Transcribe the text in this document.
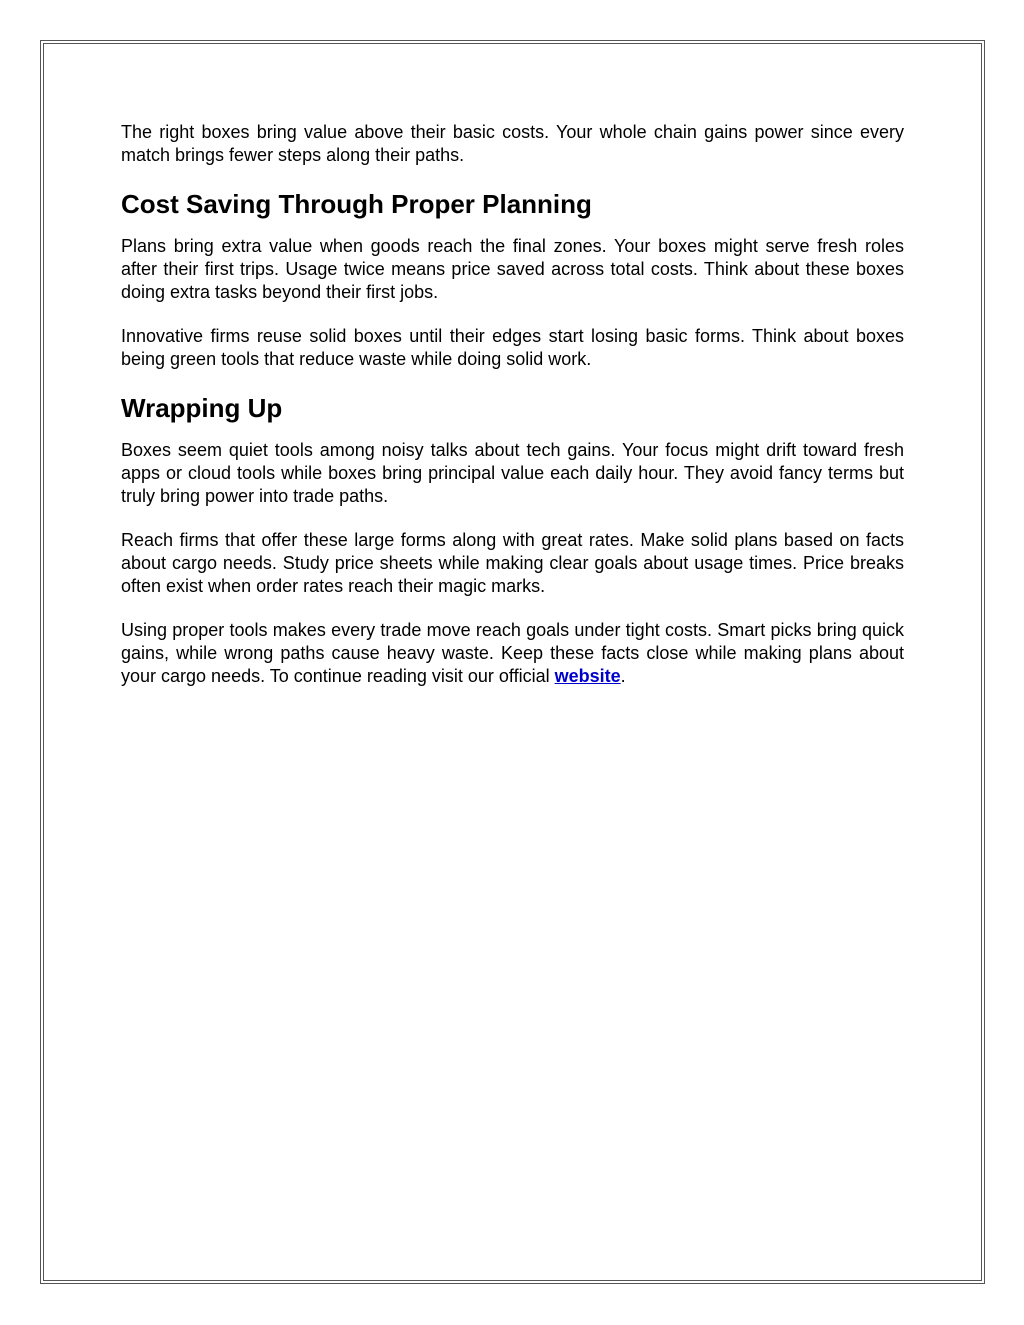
The right boxes bring value above their basic costs. Your whole chain gains power since every match brings fewer steps along their paths.

Cost Saving Through Proper Planning

Plans bring extra value when goods reach the final zones. Your boxes might serve fresh roles after their first trips. Usage twice means price saved across total costs. Think about these boxes doing extra tasks beyond their first jobs.

Innovative firms reuse solid boxes until their edges start losing basic forms. Think about boxes being green tools that reduce waste while doing solid work.

Wrapping Up

Boxes seem quiet tools among noisy talks about tech gains. Your focus might drift toward fresh apps or cloud tools while boxes bring principal value each daily hour. They avoid fancy terms but truly bring power into trade paths.

Reach firms that offer these large forms along with great rates. Make solid plans based on facts about cargo needs. Study price sheets while making clear goals about usage times. Price breaks often exist when order rates reach their magic marks.

Using proper tools makes every trade move reach goals under tight costs. Smart picks bring quick gains, while wrong paths cause heavy waste. Keep these facts close while making plans about your cargo needs. To continue reading visit our official website.
